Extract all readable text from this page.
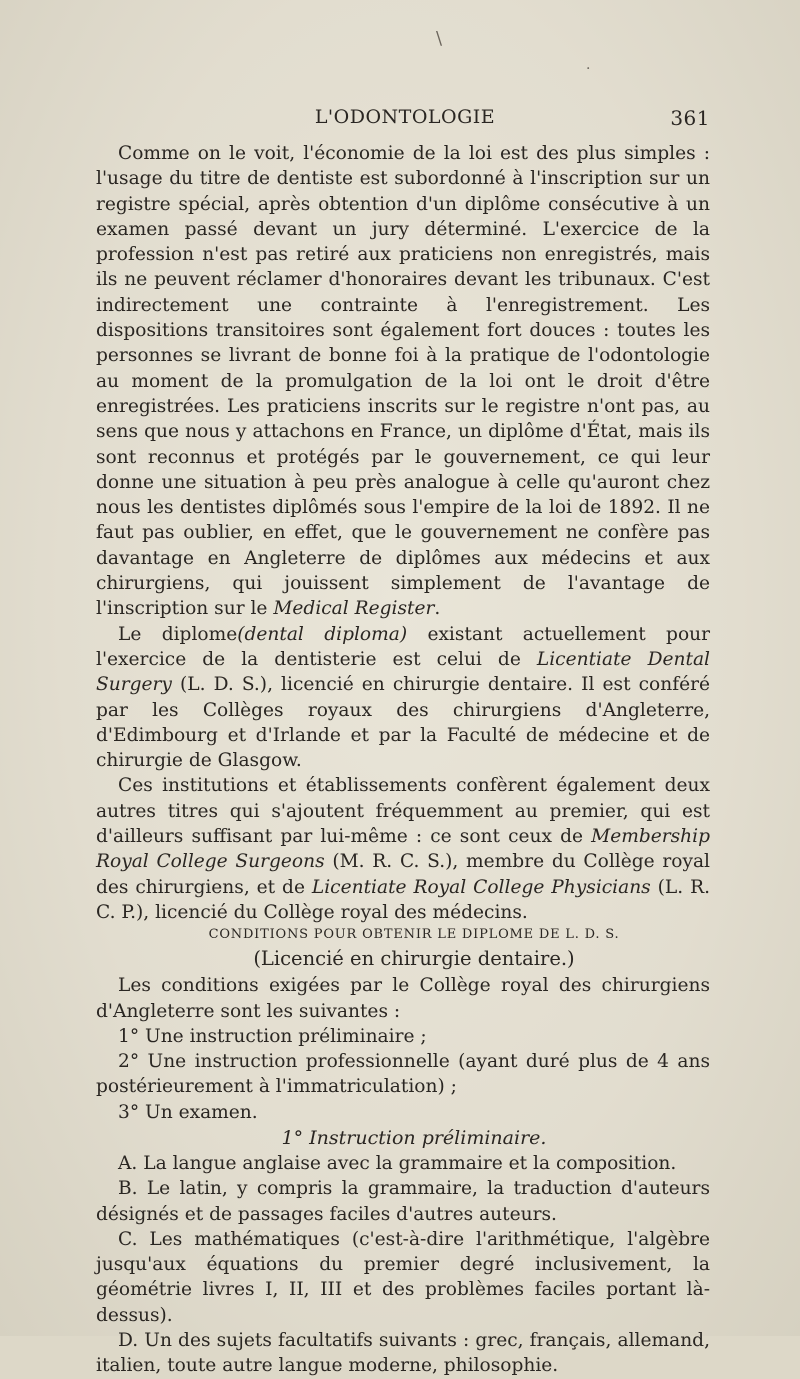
\
·
L'ODONTOLOGIE	361

Comme on le voit, l'économie de la loi est des plus simples : l'usage du titre de dentiste est subordonné à l'inscription sur un registre spécial, après obtention d'un diplôme consécutive à un examen passé devant un jury déterminé. L'exercice de la profession n'est pas retiré aux praticiens non enregistrés, mais ils ne peuvent réclamer d'honoraires devant les tribunaux. C'est indirectement une contrainte à l'enregistrement. Les dispositions transitoires sont également fort douces : toutes les personnes se livrant de bonne foi à la pratique de l'odontologie au moment de la promulgation de la loi ont le droit d'être enregistrées. Les praticiens inscrits sur le registre n'ont pas, au sens que nous y attachons en France, un diplôme d'État, mais ils sont reconnus et protégés par le gouvernement, ce qui leur donne une situation à peu près analogue à celle qu'auront chez nous les dentistes diplômés sous l'empire de la loi de 1892. Il ne faut pas oublier, en effet, que le gouvernement ne confère pas davantage en Angleterre de diplômes aux médecins et aux chirurgiens, qui jouissent simplement de l'avantage de l'inscription sur le Medical Register.

Le diplome(dental diploma) existant actuellement pour l'exercice de la dentisterie est celui de Licentiate Dental Surgery (L. D. S.), licencié en chirurgie dentaire. Il est conféré par les Collèges royaux des chirurgiens d'Angleterre, d'Edimbourg et d'Irlande et par la Faculté de médecine et de chirurgie de Glasgow.

Ces institutions et établissements confèrent également deux autres titres qui s'ajoutent fréquemment au premier, qui est d'ailleurs suffisant par lui-même : ce sont ceux de Membership Royal College Surgeons (M. R. C. S.), membre du Collège royal des chirurgiens, et de Licentiate Royal College Physicians (L. R. C. P.), licencié du Collège royal des médecins.

CONDITIONS POUR OBTENIR LE DIPLOME DE L. D. S.

(Licencié en chirurgie dentaire.)

Les conditions exigées par le Collège royal des chirurgiens d'Angleterre sont les suivantes :

1° Une instruction préliminaire ;

2° Une instruction professionnelle (ayant duré plus de 4 ans postérieurement à l'immatriculation) ;

3° Un examen.

1° Instruction préliminaire.

A. La langue anglaise avec la grammaire et la composition.

B. Le latin, y compris la grammaire, la traduction d'auteurs désignés et de passages faciles d'autres auteurs.

C. Les mathématiques (c'est-à-dire l'arithmétique, l'algèbre jusqu'aux équations du premier degré inclusivement, la géométrie livres I, II, III et des problèmes faciles portant là-dessus).

D. Un des sujets facultatifs suivants : grec, français, allemand, italien, toute autre langue moderne, philosophie.
